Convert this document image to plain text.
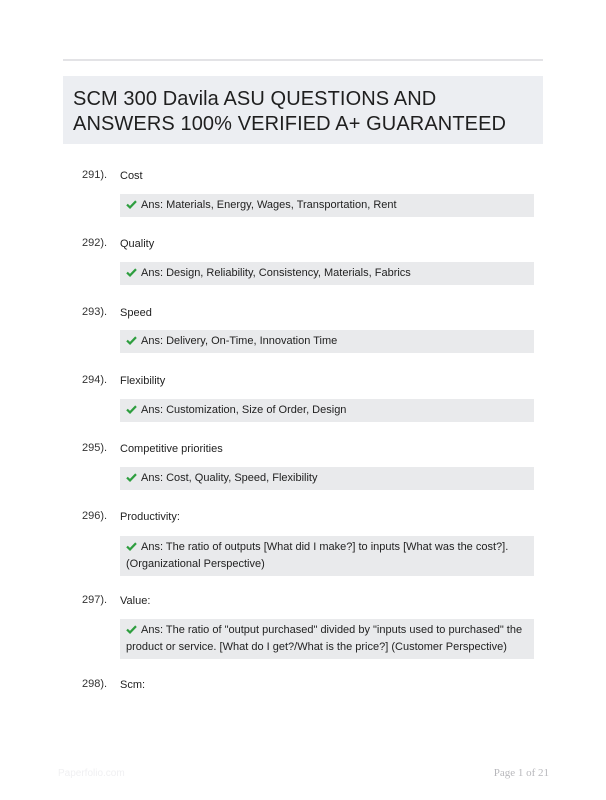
SCM 300 Davila ASU QUESTIONS AND ANSWERS 100% VERIFIED A+ GUARANTEED
291). Cost
Ans: Materials, Energy, Wages, Transportation, Rent
292). Quality
Ans: Design, Reliability, Consistency, Materials, Fabrics
293). Speed
Ans: Delivery, On-Time, Innovation Time
294). Flexibility
Ans: Customization, Size of Order, Design
295). Competitive priorities
Ans: Cost, Quality, Speed, Flexibility
296). Productivity:
Ans: The ratio of outputs [What did I make?] to inputs [What was the cost?]. (Organizational Perspective)
297). Value:
Ans: The ratio of "output purchased" divided by "inputs used to purchased" the product or service. [What do I get?/What is the price?] (Customer Perspective)
298). Scm:
Paperfolio.com	Page 1 of 21
